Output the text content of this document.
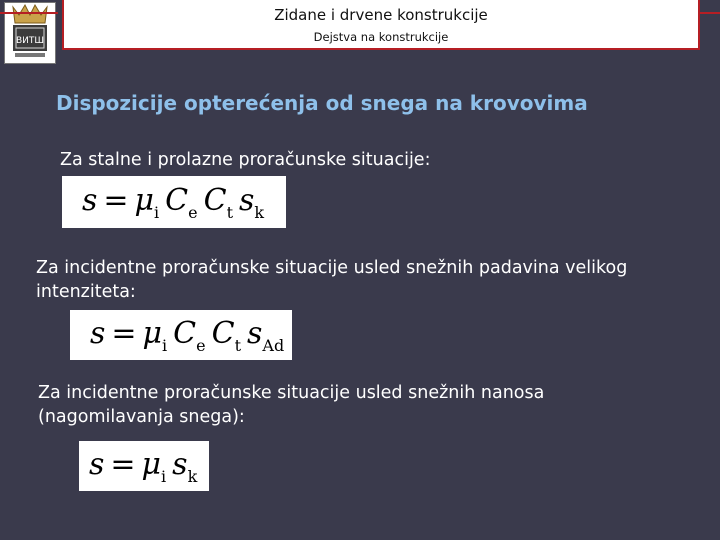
ВИТШ
Zidane i drvene konstrukcije
Dejstva na konstrukcije
Dispozicije opterećenja od snega na krovovima
Za stalne i prolazne proračunske situacije:
$s = \mu_i$ $C_e$ $C_t$ $s_k$
Za incidentne proračunske situacije usled snežnih padavina velikog intenziteta:
$s = \mu_i$ $C_e$ $C_t$ $s_{Ad}$
Za incidentne proračunske situacije usled snežnih nanosa (nagomilavanja snega):
$s = \mu_i$ $s_k$
